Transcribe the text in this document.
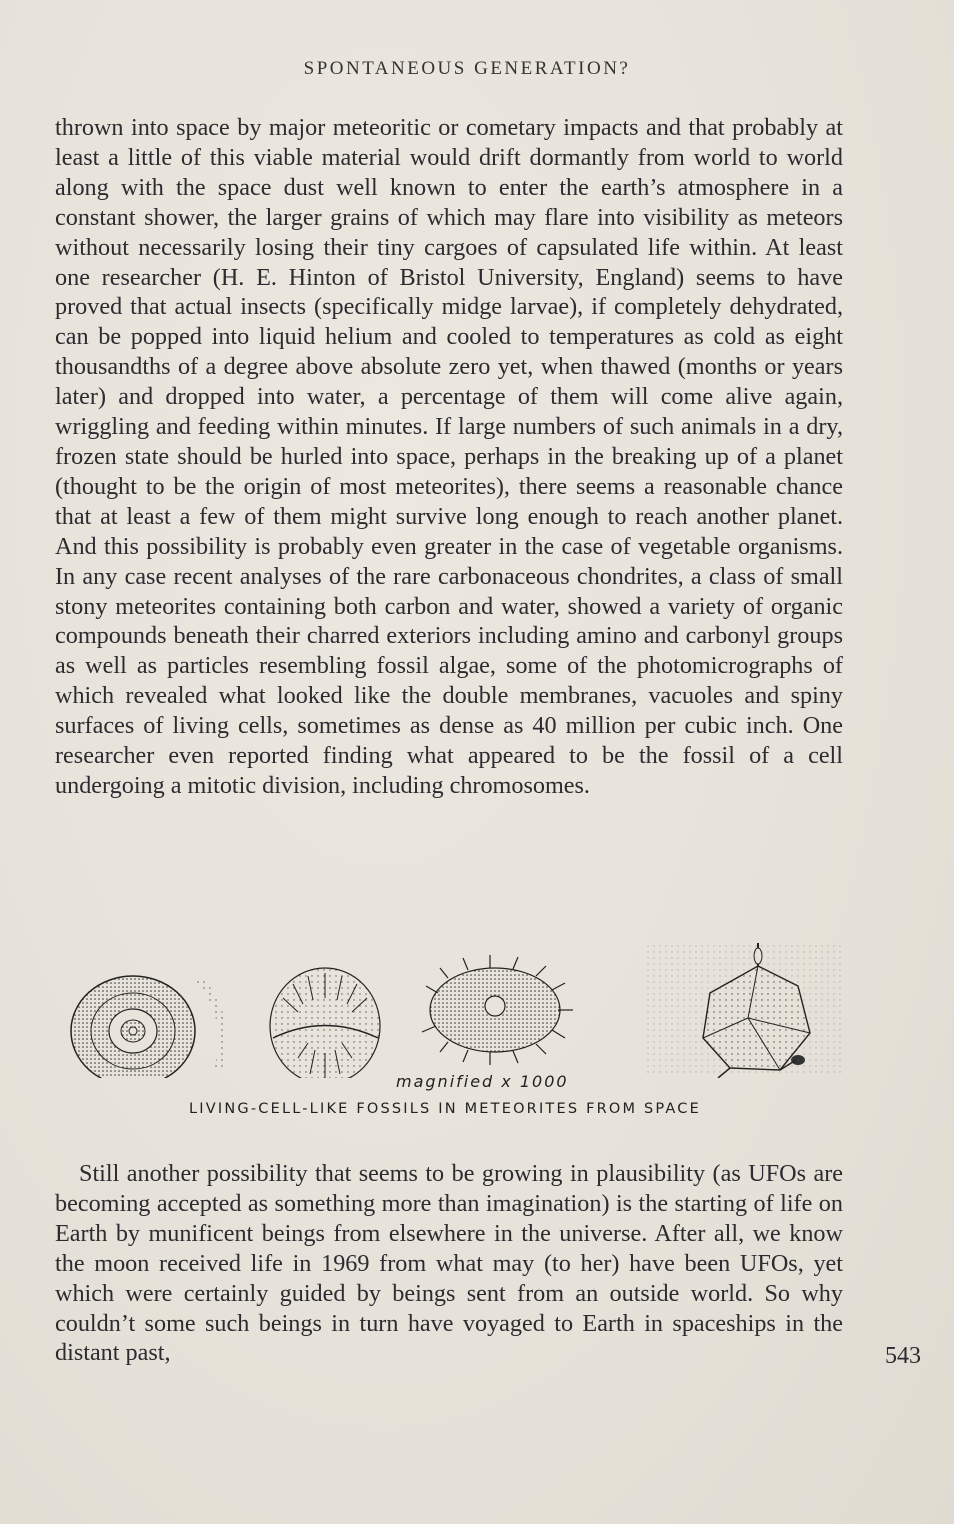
SPONTANEOUS GENERATION?

thrown into space by major meteoritic or cometary impacts and that probably at least a little of this viable material would drift dormantly from world to world along with the space dust well known to enter the earth’s atmosphere in a constant shower, the larger grains of which may flare into visibility as meteors without necessarily losing their tiny cargoes of capsulated life within. At least one researcher (H. E. Hinton of Bristol University, England) seems to have proved that actual insects (specifically midge larvae), if completely dehydrated, can be popped into liquid helium and cooled to temperatures as cold as eight thousandths of a degree above absolute zero yet, when thawed (months or years later) and dropped into water, a percentage of them will come alive again, wriggling and feeding within minutes. If large numbers of such animals in a dry, frozen state should be hurled into space, perhaps in the breaking up of a planet (thought to be the origin of most meteorites), there seems a reasonable chance that at least a few of them might survive long enough to reach another planet. And this possibility is probably even greater in the case of vegetable organisms. In any case recent analyses of the rare carbonaceous chondrites, a class of small stony meteorites containing both carbon and water, showed a variety of organic compounds beneath their charred exteriors including amino and carbonyl groups as well as particles resembling fossil algae, some of the photomicrographs of which revealed what looked like the double membranes, vacuoles and spiny surfaces of living cells, sometimes as dense as 40 million per cubic inch. One researcher even reported finding what appeared to be the fossil of a cell undergoing a mitotic division, including chromosomes.

magnified x 1000
LIVING-CELL-LIKE FOSSILS IN METEORITES FROM SPACE

Still another possibility that seems to be growing in plausibility (as UFOs are becoming accepted as something more than imagination) is the starting of life on Earth by munificent beings from elsewhere in the universe. After all, we know the moon received life in 1969 from what may (to her) have been UFOs, yet which were certainly guided by beings sent from an outside world. So why couldn’t some such beings in turn have voyaged to Earth in spaceships in the distant past,	543
